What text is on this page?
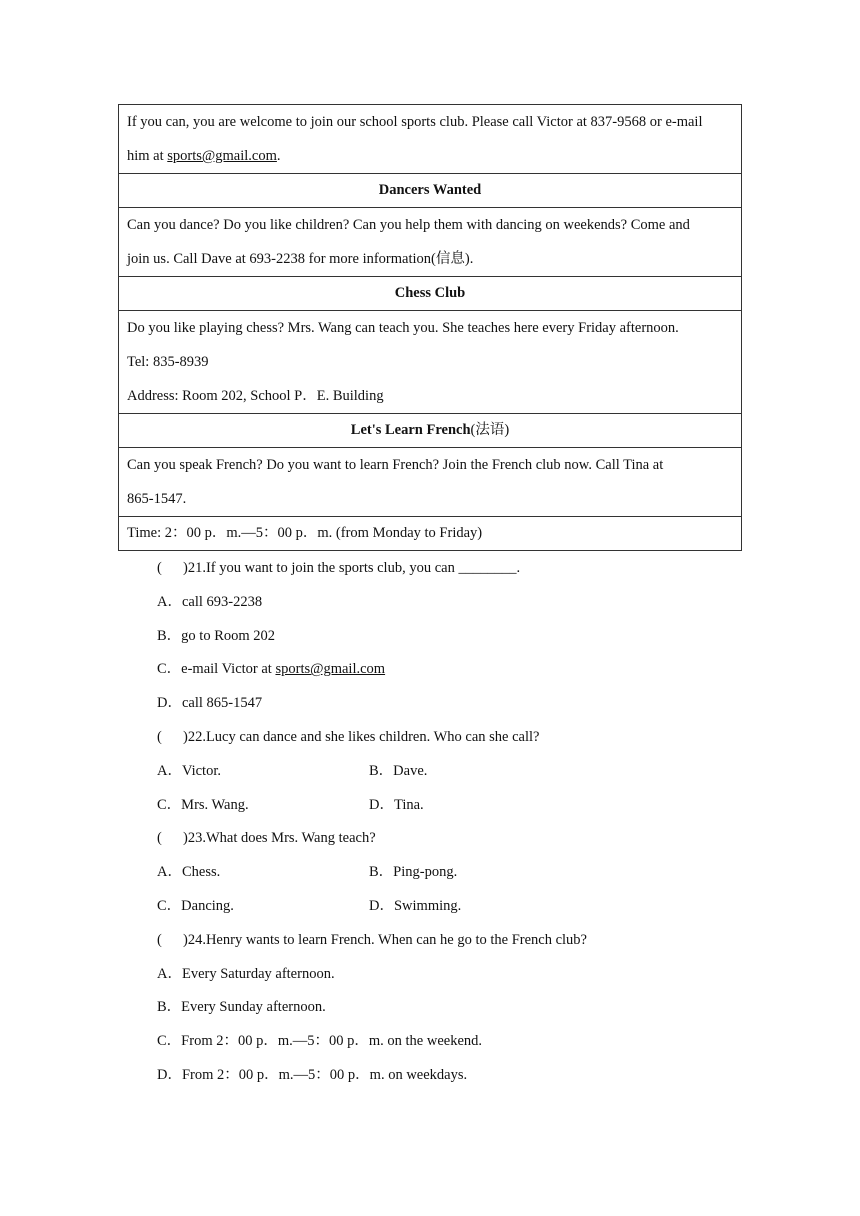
If you can, you are welcome to join our school sports club. Please call Victor at 837-9568 or e-mail
him at sports@gmail.com.

Dancers Wanted

Can you dance? Do you like children? Can you help them with dancing on weekends? Come and
join us. Call Dave at 693-2238 for more information(信息).

Chess Club

Do you like playing chess? Mrs. Wang can teach you. She teaches here every Friday afternoon.
Tel: 835-8939
Address: Room 202, School P．E. Building

Let's Learn French(法语)

Can you speak French? Do you want to learn French? Join the French club now. Call Tina at
865-1547.

Time: 2：00 p．m.—5：00 p．m. (from Monday to Friday)
( )21.If you want to join the sports club, you can ________.
A．call 693-2238
B．go to Room 202
C．e-mail Victor at sports@gmail.com
D．call 865-1547
( )22.Lucy can dance and she likes children. Who can she call?
A．Victor.	B．Dave.
C．Mrs. Wang.	D．Tina.
( )23.What does Mrs. Wang teach?
A．Chess.	B．Ping-pong.
C．Dancing.	D．Swimming.
( )24.Henry wants to learn French. When can he go to the French club?
A．Every Saturday afternoon.
B．Every Sunday afternoon.
C．From 2：00 p．m.—5：00 p．m. on the weekend.
D．From 2：00 p．m.—5：00 p．m. on weekdays.
